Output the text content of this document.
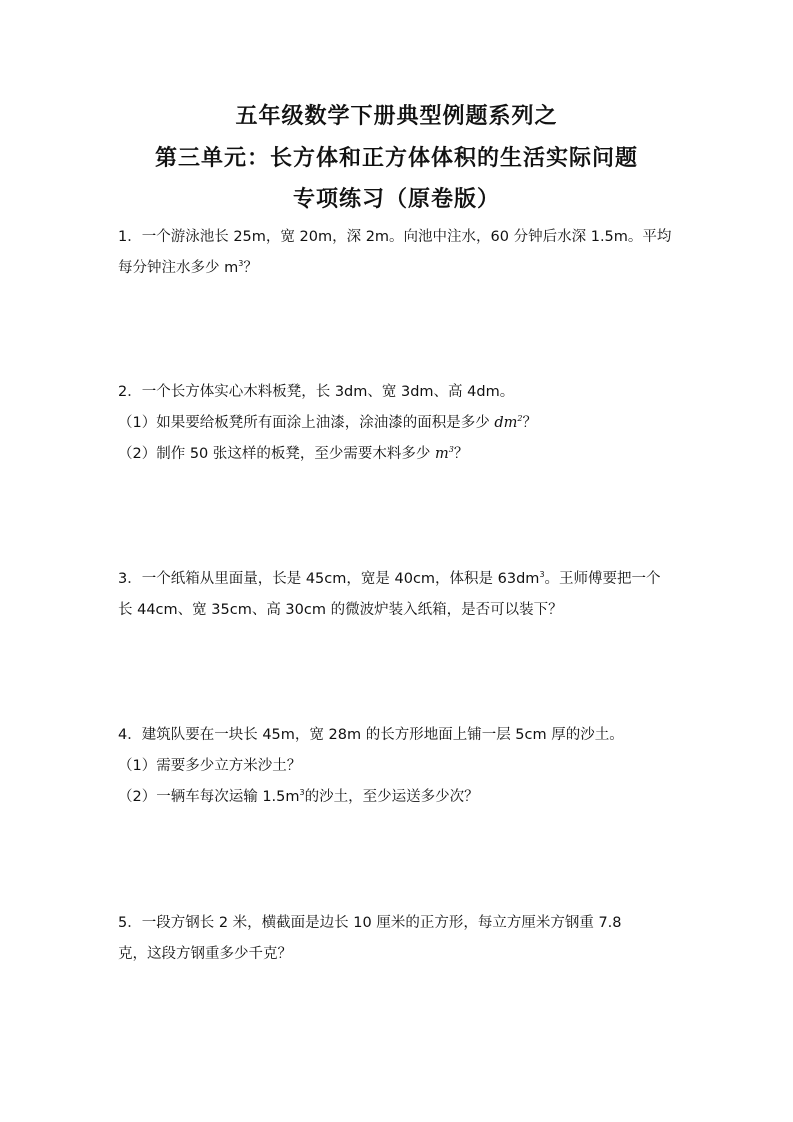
五年级数学下册典型例题系列之
第三单元：长方体和正方体体积的生活实际问题
专项练习（原卷版）
1．一个游泳池长 25m，宽 20m，深 2m。向池中注水，60 分钟后水深 1.5m。平均
每分钟注水多少 $m^3$？
2．一个长方体实心木料板凳，长 3dm、宽 3dm、高 4dm。
（1）如果要给板凳所有面涂上油漆，涂油漆的面积是多少 $dm^2$？
（2）制作 50 张这样的板凳，至少需要木料多少 $m^3$？
3．一个纸箱从里面量，长是 45cm，宽是 40cm，体积是 $63dm^3$。王师傅要把一个
长 44cm、宽 35cm、高 30cm 的微波炉装入纸箱，是否可以装下？
4．建筑队要在一块长 45m，宽 28m 的长方形地面上铺一层 5cm 厚的沙土。
（1）需要多少立方米沙土？
（2）一辆车每次运输 $1.5m^3$的沙土，至少运送多少次？
5．一段方钢长 2 米，横截面是边长 10 厘米的正方形，每立方厘米方钢重 7.8
克，这段方钢重多少千克？
